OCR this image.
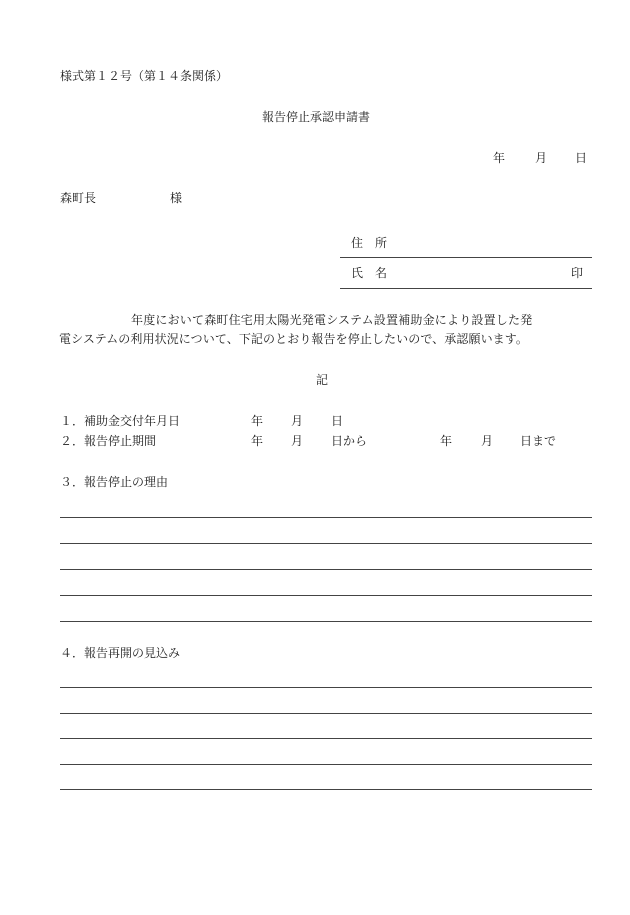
様式第１２号（第１４条関係）
報告停止承認申請書
年 月 日
森町長	様
住　所
氏　名	印
年度において森町住宅用太陽光発電システム設置補助金により設置した発
電システムの利用状況について、下記のとおり報告を停止したいので、承認願います。
記
１．補助金交付年月日	年 月 日
２．報告停止期間	年 月 日から	年 月 日まで
３．報告停止の理由
４．報告再開の見込み
